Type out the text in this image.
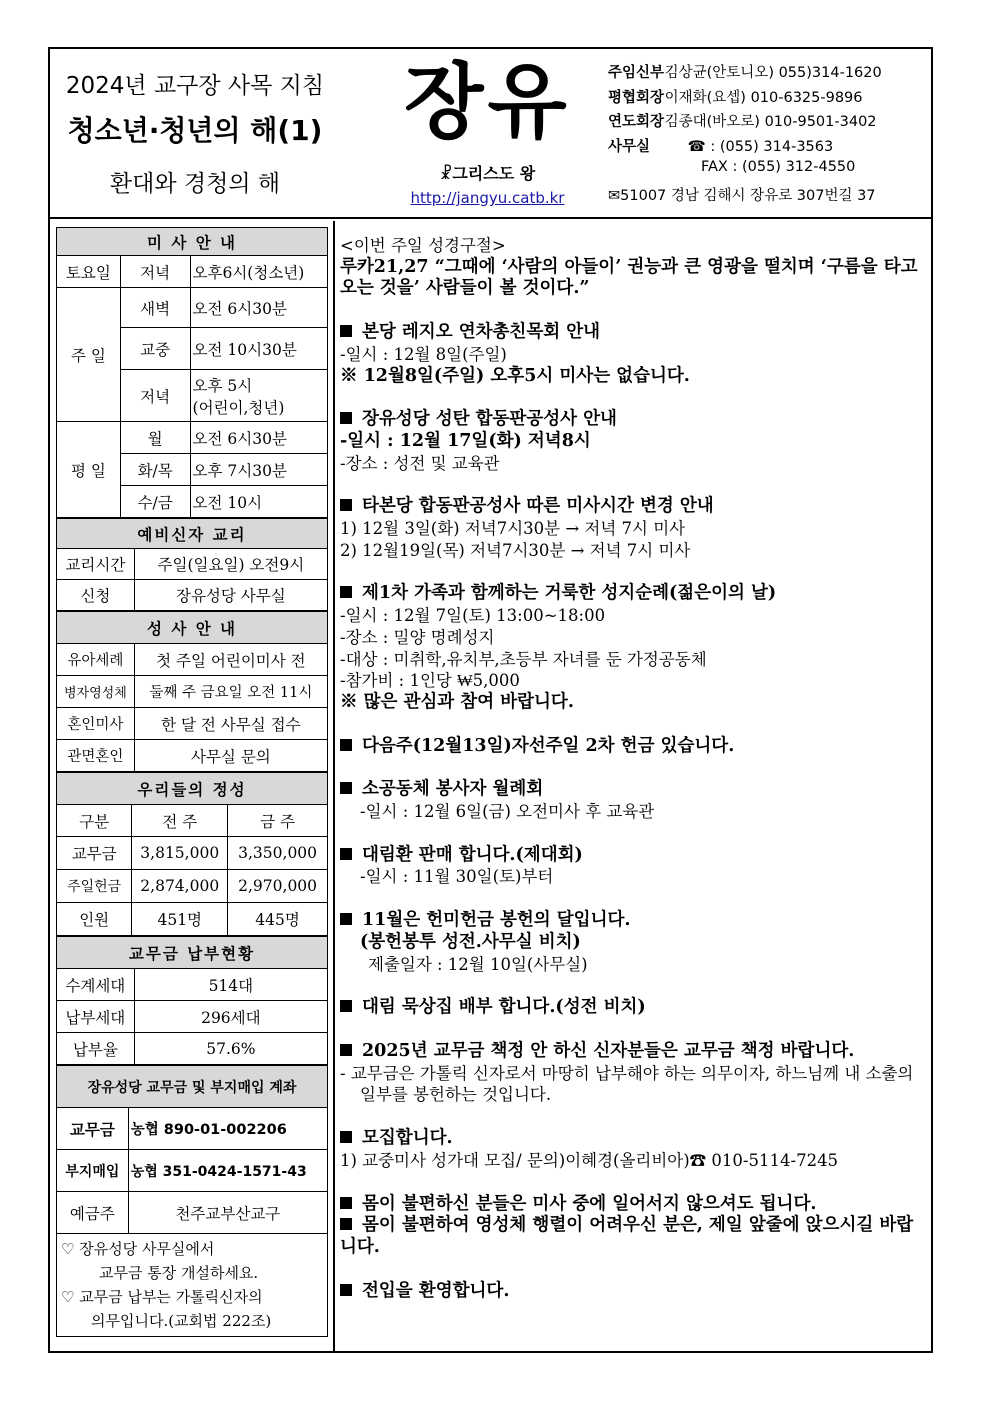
2024년 교구장 사목 지침
청소년·청년의 해(1)
환대와 경청의 해
장유
☧그리스도 왕
http://jangyu.catb.kr
주임신부 김상균(안토니오) 055)314-1620
평협회장 이재화(요셉) 010-6325-9896
연도회장 김종대(바오로) 010-9501-3402
사무실	☎ : (055) 314-3563
FAX : (055) 312-4550
✉51007 경남 김해시 장유로 307번길 37
미 사 안 내		
토요일	저녁	오후6시(청소년)
주 일	새벽	오전 6시30분
	교중	오전 10시30분
	저녁	오후 5시
(어린이,청년)

평 일	월	오전 6시30분
	화/목	오후 7시30분
	수/금	오전 10시
예비신자 교리	
교리시간	주일(일요일) 오전9시
신청	장유성당 사무실
성 사 안 내	
유아세례	첫 주일 어린이미사 전
병자영성체	둘째 주 금요일 오전 11시
혼인미사	한 달 전 사무실 접수
관면혼인	사무실 문의
우리들의 정성		
구분	전 주	금 주
교무금	3,815,000	3,350,000
주일헌금	2,874,000	2,970,000
인원	451명	445명
교무금 납부현황	
수계세대	514대
납부세대	296세대
납부율	57.6%
장유성당 교무금 및 부지매입 계좌	
교무금	농협 890-01-002206
부지매입	농협 351-0424-1571-43
예금주	천주교부산교구
♡ 장유성당 사무실에서
교무금 통장 개설하세요.
♡ 교무금 납부는 가톨릭신자의
의무입니다.(교회법 222조)
<이번 주일 성경구절>
루카21,27 “그때에 ‘사람의 아들이’ 권능과 큰 영광을 떨치며 ‘구름을 타고 오는 것을’ 사람들이 볼 것이다.”
본당 레지오 연차총친목회 안내
-일시 : 12월 8일(주일)
※ 12월8일(주일) 오후5시 미사는 없습니다.
장유성당 성탄 합동판공성사 안내
-일시 : 12월 17일(화) 저녁8시
-장소 : 성전 및 교육관
타본당 합동판공성사 따른 미사시간 변경 안내
1) 12월 3일(화) 저녁7시30분 → 저녁 7시 미사
2) 12월19일(목) 저녁7시30분 → 저녁 7시 미사
제1차 가족과 함께하는 거룩한 성지순례(젊은이의 날)
-일시 : 12월 7일(토) 13:00~18:00
-장소 : 밀양 명례성지
-대상 : 미취학,유치부,초등부 자녀를 둔 가정공동체
-참가비 : 1인당 ₩5,000
※ 많은 관심과 참여 바랍니다.
다음주(12월13일)자선주일 2차 헌금 있습니다.
소공동체 봉사자 월례회
-일시 : 12월 6일(금) 오전미사 후 교육관
대림환 판매 합니다.(제대회)
-일시 : 11월 30일(토)부터
11월은 헌미헌금 봉헌의 달입니다.
(봉헌봉투 성전.사무실 비치)
제출일자 : 12월 10일(사무실)
대림 묵상집 배부 합니다.(성전 비치)
2025년 교무금 책정 안 하신 신자분들은 교무금 책정 바랍니다.
- 교무금은 가톨릭 신자로서 마땅히 납부해야 하는 의무이자, 하느님께 내 소출의 일부를 봉헌하는 것입니다.
모집합니다.
1) 교중미사 성가대 모집/ 문의)이혜경(올리비아)☎ 010-5114-7245
몸이 불편하신 분들은 미사 중에 일어서지 않으셔도 됩니다.
몸이 불편하여 영성체 행렬이 어려우신 분은, 제일 앞줄에 앉으시길 바랍니다.
전입을 환영합니다.
